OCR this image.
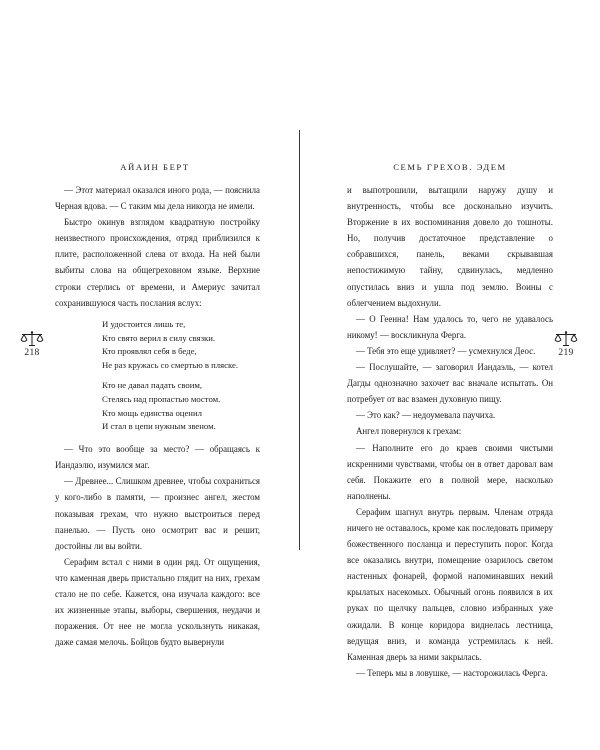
АЙАИН БЕРТ

— Этот материал оказался иного рода, — пояснила Черная вдова. — С таким мы дела никогда не имели.

Быстро окинув взглядом квадратную постройку неизвестного происхождения, отряд приблизился к плите, расположенной слева от входа. На ней были выбиты слова на общегреховном языке. Верхние строки стерлись от времени, и Америус зачитал сохранившуюся часть послания вслух:

И удостоится лишь те,
Кто свято верил в силу связки.
Кто проявлял себя в беде,
Не раз кружась со смертью в пляске.
Кто не давал падать своим,
Стелясь над пропастью мостом.
Кто мощь единства оценил
И стал в цепи нужным звеном.

— Что это вообще за место? — обращаясь к Иандаэлю, изумился маг.

— Древнее... Слишком древнее, чтобы сохраниться у кого-либо в памяти, — произнес ангел, жестом показывая грехам, что нужно выстроиться перед панелью. — Пусть оно осмотрит вас и решит, достойны ли вы войти.

Серафим встал с ними в один ряд. От ощущения, что каменная дверь пристально глядит на них, грехам стало не по себе. Кажется, она изучала каждого: все их жизненные этапы, выборы, свершения, неудачи и поражения. От нее не могла ускользнуть никакая, даже самая мелочь. Бойцов будто вывернули

218
СЕМЬ ГРЕХОВ. ЭДЕМ

и выпотрошили, вытащили наружу душу и внутренность, чтобы все досконально изучить. Вторжение в их воспоминания довело до тошноты. Но, получив достаточное представление о собравшихся, панель, веками скрывавшая непостижимую тайну, сдвинулась, медленно опустилась вниз и ушла под землю. Воины с облегчением выдохнули.

— О Геенна! Нам удалось то, чего не удавалось никому! — воскликнула Ферга.

— Тебя это еще удивляет? — усмехнулся Деос.

— Послушайте, — заговорил Иандаэль, — котел Дагды однозначно захочет вас вначале испытать. Он потребует от вас взамен духовную пищу.

— Это как? — недоумевала паучиха.

Ангел повернулся к грехам:

— Наполните его до краев своими чистыми искренними чувствами, чтобы он в ответ даровал вам себя. Покажите его в полной мере, насколько наполнены.

Серафим шагнул внутрь первым. Членам отряда ничего не оставалось, кроме как последовать примеру божественного посланца и переступить порог. Когда все оказались внутри, помещение озарилось светом настенных фонарей, формой напоминавших некий крылатых насекомых. Обычный огонь появился в их руках по щелчку пальцев, словно избранных уже ожидали. В конце коридора виднелась лестница, ведущая вниз, и команда устремилась к ней. Каменная дверь за ними закрылась.

— Теперь мы в ловушке, — насторожилась Ферга.

219
